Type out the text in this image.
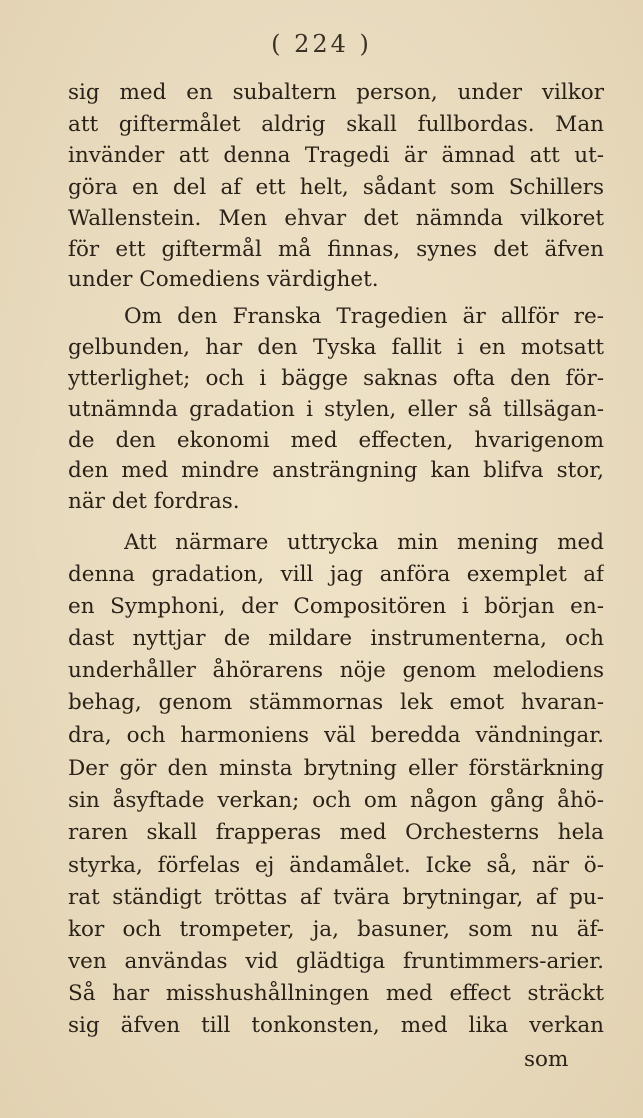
( 224 )
sig med en subaltern person, under vilkor
att giftermålet aldrig skall fullbordas. Man
invänder att denna Tragedi är ämnad att ut-
göra en del af ett helt, sådant som Schillers
Wallenstein. Men ehvar det nämnda vilkoret
för ett giftermål må finnas, synes det äfven
under Comediens värdighet.
Om den Franska Tragedien är allför re-
gelbunden, har den Tyska fallit i en motsatt
ytterlighet; och i bägge saknas ofta den för-
utnämnda gradation i stylen, eller så tillsägan-
de den ekonomi med effecten, hvarigenom
den med mindre ansträngning kan blifva stor,
när det fordras.
Att närmare uttrycka min mening med
denna gradation, vill jag anföra exemplet af
en Symphoni, der Compositören i början en-
dast nyttjar de mildare instrumenterna, och
underhåller åhörarens nöje genom melodiens
behag, genom stämmornas lek emot hvaran-
dra, och harmoniens väl beredda vändningar.
Der gör den minsta brytning eller förstärkning
sin åsyftade verkan; och om någon gång åhö-
raren skall frapperas med Orchesterns hela
styrka, förfelas ej ändamålet. Icke så, när ö-
rat ständigt tröttas af tvära brytningar, af pu-
kor och trompeter, ja, basuner, som nu äf-
ven användas vid glädtiga fruntimmers-arier.
Så har misshushållningen med effect sträckt
sig äfven till tonkonsten, med lika verkan
som
